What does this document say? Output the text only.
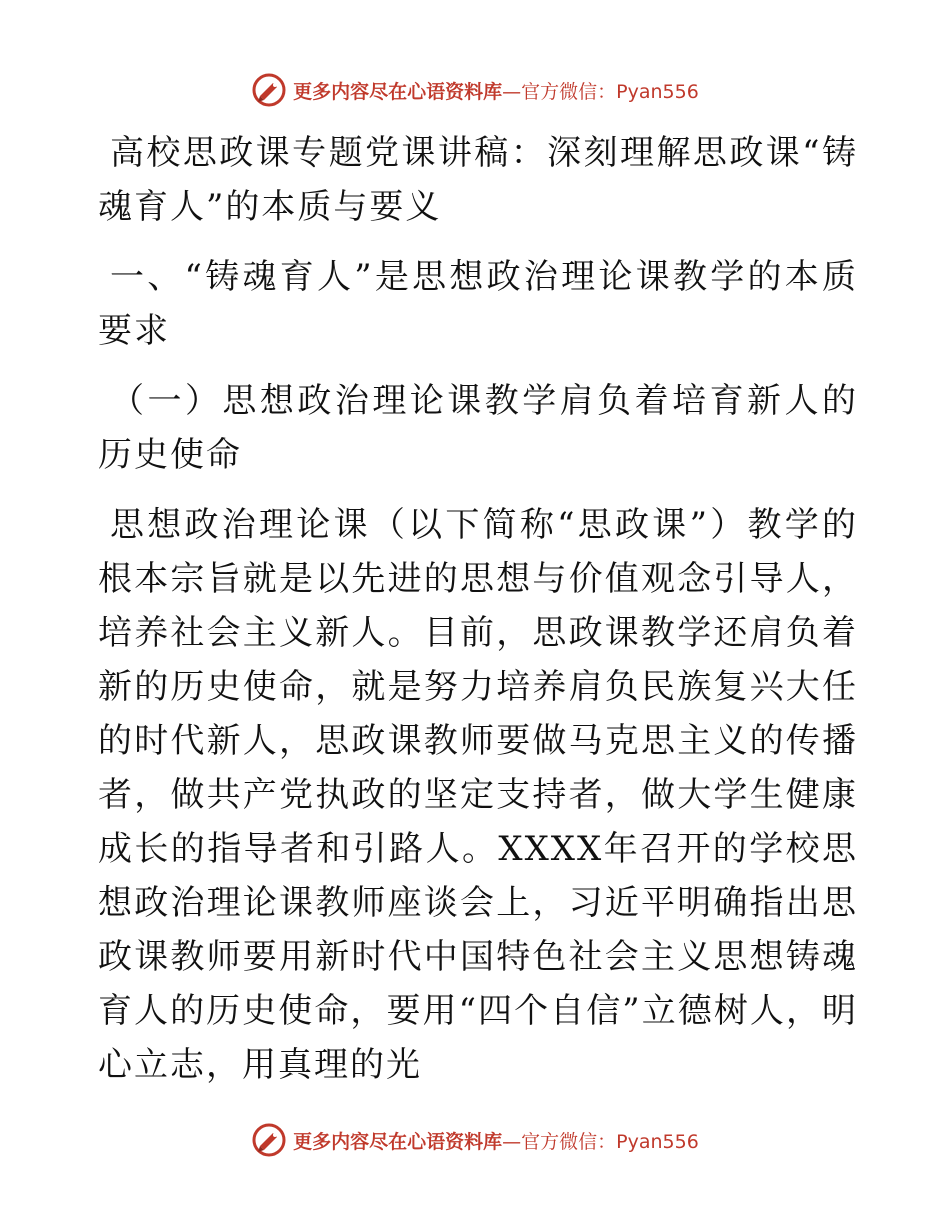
更多内容尽在心语资料库—官方微信：Pyan556

高校思政课专题党课讲稿：深刻理解思政课“铸魂育人”的本质与要义

一、“铸魂育人”是思想政治理论课教学的本质要求

（一）思想政治理论课教学肩负着培育新人的历史使命

思想政治理论课（以下简称“思政课”）教学的根本宗旨就是以先进的思想与价值观念引导人，培养社会主义新人。目前，思政课教学还肩负着新的历史使命，就是努力培养肩负民族复兴大任的时代新人，思政课教师要做马克思主义的传播者，做共产党执政的坚定支持者，做大学生健康成长的指导者和引路人。XXXX年召开的学校思想政治理论课教师座谈会上，习近平明确指出思政课教师要用新时代中国特色社会主义思想铸魂育人的历史使命，要用“四个自信”立德树人，明心立志，用真理的光

更多内容尽在心语资料库—官方微信：Pyan556
